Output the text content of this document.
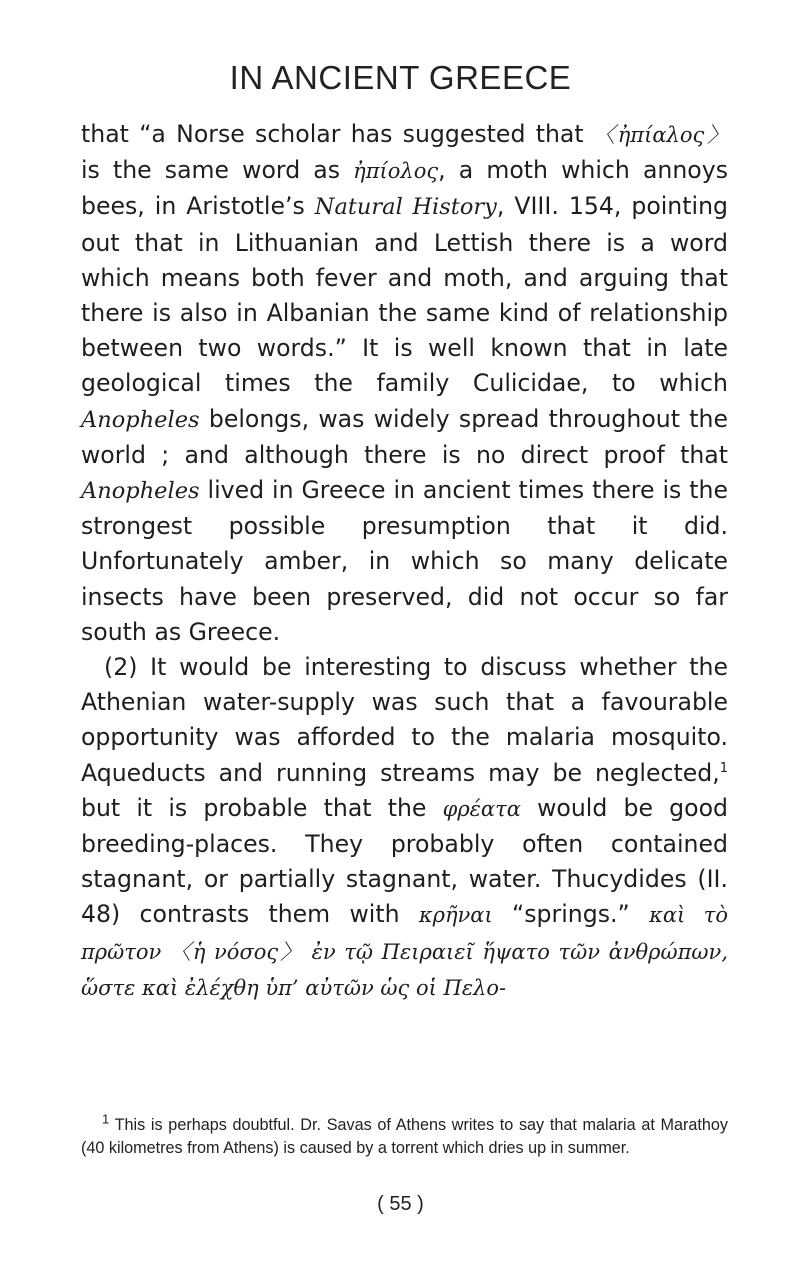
IN ANCIENT GREECE

that “a Norse scholar has suggested that 〈ἠπίαλος〉 is the same word as ἠπίολος, a moth which annoys bees, in Aristotle’s Natural History, VIII. 154, pointing out that in Lithuanian and Lettish there is a word which means both fever and moth, and arguing that there is also in Albanian the same kind of relationship between two words.” It is well known that in late geological times the family Culicidae, to which Anopheles belongs, was widely spread throughout the world ; and although there is no direct proof that Anopheles lived in Greece in ancient times there is the strongest possible presumption that it did. Unfortunately amber, in which so many delicate insects have been preserved, did not occur so far south as Greece.

(2) It would be interesting to discuss whether the Athenian water-supply was such that a favourable opportunity was afforded to the malaria mosquito. Aqueducts and running streams may be neglected,$^1$ but it is probable that the φρέατα would be good breeding-places. They probably often contained stagnant, or partially stagnant, water. Thucydides (II. 48) contrasts them with κρῆναι “springs.” καὶ τὸ πρῶτον 〈ἡ νόσος〉 ἐν τῷ Πειραιεῖ ἥψατο τῶν ἀνθρώπων, ὥστε καὶ ἐλέχθη ὑπ’ αὐτῶν ὡς οἱ Πελο-

$^1$ This is perhaps doubtful. Dr. Savas of Athens writes to say that malaria at Marathoy (40 kilometres from Athens) is caused by a torrent which dries up in summer.

( 55 )
